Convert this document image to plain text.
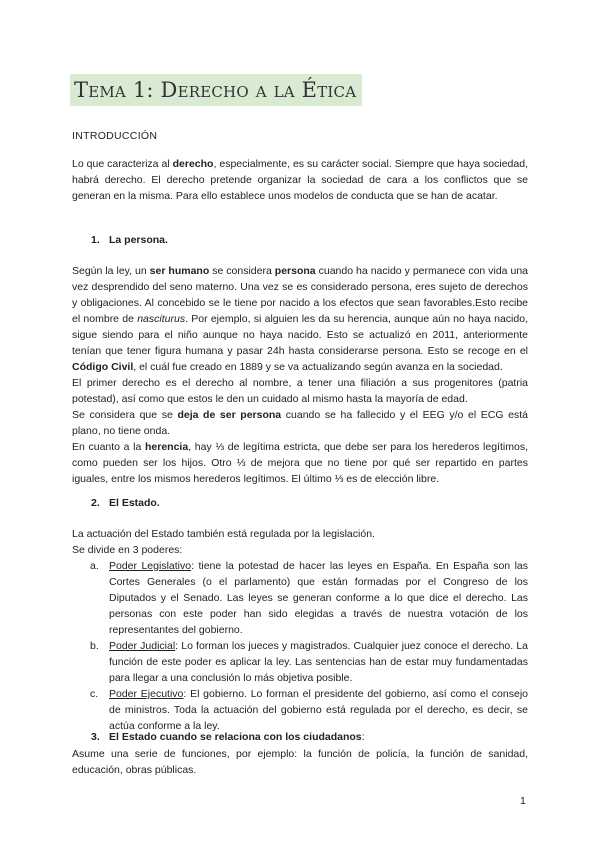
Tema 1: Derecho a la Ética
INTRODUCCIÓN

Lo que caracteriza al derecho, especialmente, es su carácter social. Siempre que haya sociedad, habrá derecho. El derecho pretende organizar la sociedad de cara a los conflictos que se generan en la misma. Para ello establece unos modelos de conducta que se han de acatar.

1. La persona.

Según la ley, un ser humano se considera persona cuando ha nacido y permanece con vida una vez desprendido del seno materno. Una vez se es considerado persona, eres sujeto de derechos y obligaciones. Al concebido se le tiene por nacido a los efectos que sean favorables.Esto recibe el nombre de nasciturus. Por ejemplo, si alguien les da su herencia, aunque aún no haya nacido, sigue siendo para el niño aunque no haya nacido. Esto se actualizó en 2011, anteriormente tenían que tener figura humana y pasar 24h hasta considerarse persona. Esto se recoge en el Código Civil, el cuál fue creado en 1889 y se va actualizando según avanza en la sociedad.

El primer derecho es el derecho al nombre, a tener una filiación a sus progenitores (patria potestad), así como que estos le den un cuidado al mismo hasta la mayoría de edad.

Se considera que se deja de ser persona cuando se ha fallecido y el EEG y/o el ECG está plano, no tiene onda.

En cuanto a la herencia, hay ⅓ de legítima estricta, que debe ser para los herederos legítimos, como pueden ser los hijos. Otro ⅓ de mejora que no tiene por qué ser repartido en partes iguales, entre los mismos herederos legítimos. El último ⅓ es de elección libre.

2. El Estado.

La actuación del Estado también está regulada por la legislación.

Se divide en 3 poderes:

a. Poder Legislativo: tiene la potestad de hacer las leyes en España. En España son las Cortes Generales (o el parlamento) que están formadas por el Congreso de los Diputados y el Senado. Las leyes se generan conforme a lo que dice el derecho. Las personas con este poder han sido elegidas a través de nuestra votación de los representantes del gobierno.
b. Poder Judicial: Lo forman los jueces y magistrados. Cualquier juez conoce el derecho. La función de este poder es aplicar la ley. Las sentencias han de estar muy fundamentadas para llegar a una conclusión lo más objetiva posible.
c. Poder Ejecutivo: El gobierno. Lo forman el presidente del gobierno, así como el consejo de ministros. Toda la actuación del gobierno está regulada por el derecho, es decir, se actúa conforme a la ley.
3. El Estado cuando se relaciona con los ciudadanos:

Asume una serie de funciones, por ejemplo: la función de policía, la función de sanidad, educación, obras públicas.

1
